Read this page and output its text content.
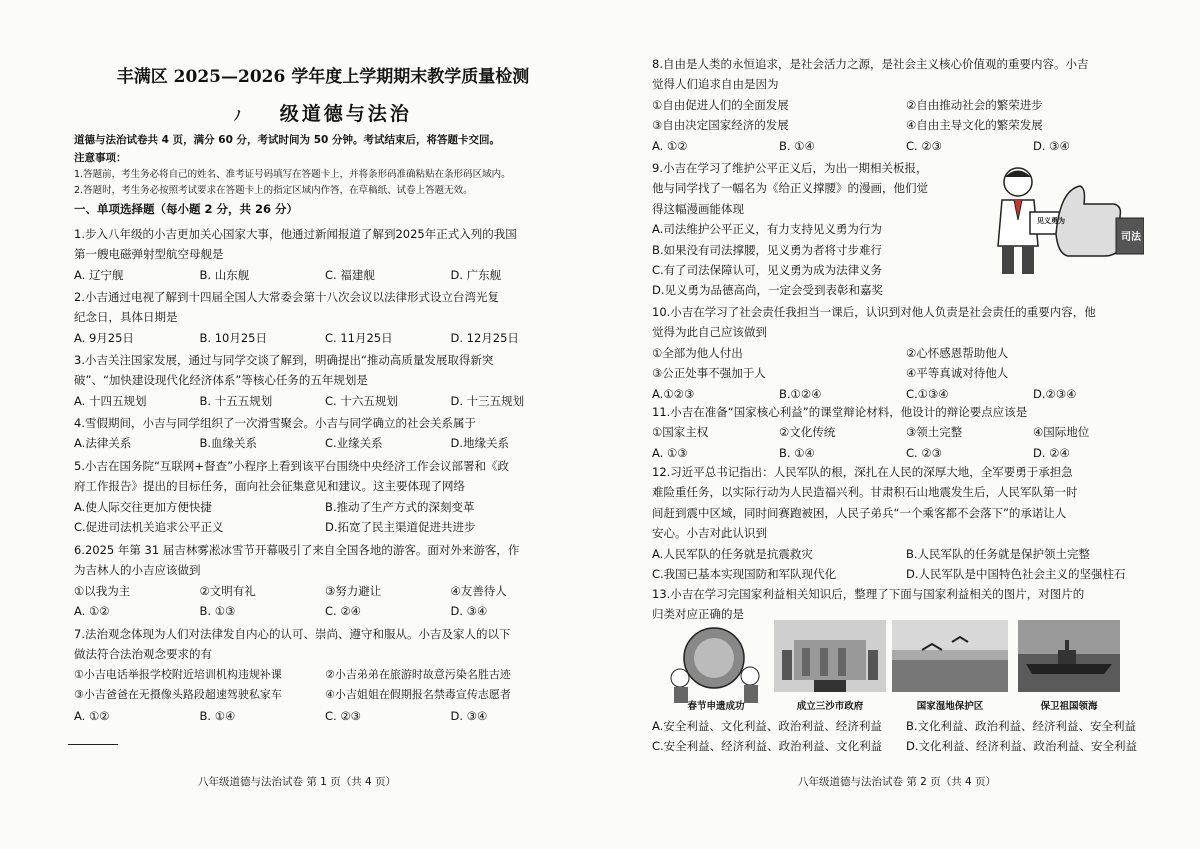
丰满区 2025—2026 学年度上学期期末教学质量检测
ﾉ 级道德与法治
道德与法治试卷共 4 页，满分 60 分，考试时间为 50 分钟。考试结束后，将答题卡交回。
注意事项：
1.答题前，考生务必将自己的姓名、准考证号码填写在答题卡上，并将条形码准确粘贴在条形码区域内。
2.答题时，考生务必按照考试要求在答题卡上的指定区域内作答，在草稿纸、试卷上答题无效。
一、单项选择题（每小题 2 分，共 26 分）
1.步入八年级的小吉更加关心国家大事，他通过新闻报道了解到2025年正式入列的我国
第一艘电磁弹射型航空母舰是
A. 辽宁舰	B. 山东舰	C. 福建舰	D. 广东舰
2.小吉通过电视了解到十四届全国人大常委会第十八次会议以法律形式设立台湾光复
纪念日，具体日期是
A. 9月25日	B. 10月25日	C. 11月25日	D. 12月25日
3.小吉关注国家发展，通过与同学交谈了解到，明确提出“推动高质量发展取得新突
破”、“加快建设现代化经济体系”等核心任务的五年规划是
A. 十四五规划	B. 十五五规划	C. 十六五规划	D. 十三五规划
4.雪假期间，小吉与同学组织了一次滑雪聚会。小吉与同学确立的社会关系属于
A.法律关系	B.血缘关系	C.业缘关系	D.地缘关系
5.小吉在国务院“互联网+督查”小程序上看到该平台围绕中央经济工作会议部署和《政
府工作报告》提出的目标任务，面向社会征集意见和建议。这主要体现了网络
A.使人际交往更加方便快捷	B.推动了生产方式的深刻变革
C.促进司法机关追求公平正义	D.拓宽了民主渠道促进共进步
6.2025 年第 31 届吉林雾凇冰雪节开幕吸引了来自全国各地的游客。面对外来游客，作
为吉林人的小吉应该做到
①以我为主	②文明有礼	③努力避让	④友善待人
A. ①②	B. ①③	C. ②④	D. ③④
7.法治观念体现为人们对法律发自内心的认可、崇尚、遵守和服从。小吉及家人的以下
做法符合法治观念要求的有
①小吉电话举报学校附近培训机构违规补课	②小吉弟弟在旅游时故意污染名胜古迹
③小吉爸爸在无摄像头路段超速驾驶私家车	④小吉姐姐在假期报名禁毒宣传志愿者
A. ①②	B. ①④	C. ②③	D. ③④
八年级道德与法治试卷 第 1 页（共 4 页）
8.自由是人类的永恒追求，是社会活力之源，是社会主义核心价值观的重要内容。小吉
觉得人们追求自由是因为
①自由促进人们的全面发展	②自由推动社会的繁荣进步
③自由决定国家经济的发展	④自由主导文化的繁荣发展
A. ①②	B. ①④	C. ②③	D. ③④
9.小吉在学习了维护公平正义后，为出一期相关板报，
他与同学找了一幅名为《给正义撑腰》的漫画，他们觉
得这幅漫画能体现
A.司法维护公平正义，有力支持见义勇为行为
B.如果没有司法撑腰，见义勇为者将寸步难行
C.有了司法保障认可，见义勇为成为法律义务
D.见义勇为品德高尚，一定会受到表彰和嘉奖
见义勇为
司法
10.小吉在学习了社会责任我担当一课后，认识到对他人负责是社会责任的重要内容，他
觉得为此自己应该做到
①全部为他人付出	②心怀感恩帮助他人
③公正处事不强加于人	④平等真诚对待他人
A.①②③	B.①②④	C.①③④	D.②③④
11.小吉在准备“国家核心利益”的课堂辩论材料，他设计的辩论要点应该是
①国家主权	②文化传统	③领土完整	④国际地位
A. ①③	B. ①④	C. ②③	D. ②④
12.习近平总书记指出：人民军队的根，深扎在人民的深厚大地，全军要勇于承担急
难险重任务，以实际行动为人民造福兴利。甘肃积石山地震发生后，人民军队第一时
间赶到震中区域，同时间赛跑被困，人民子弟兵“一个乘客都不会落下”的承诺让人
安心。小吉对此认识到
A.人民军队的任务就是抗震救灾	B.人民军队的任务就是保护领土完整
C.我国已基本实现国防和军队现代化	D.人民军队是中国特色社会主义的坚强柱石
13.小吉在学习完国家利益相关知识后，整理了下面与国家利益相关的图片，对图片的
归类对应正确的是
春节申遗成功	成立三沙市政府	国家湿地保护区	保卫祖国领海
A.安全利益、文化利益、政治利益、经济利益	B.文化利益、政治利益、经济利益、安全利益
C.安全利益、经济利益、政治利益、文化利益	D.文化利益、经济利益、政治利益、安全利益
八年级道德与法治试卷 第 2 页（共 4 页）
